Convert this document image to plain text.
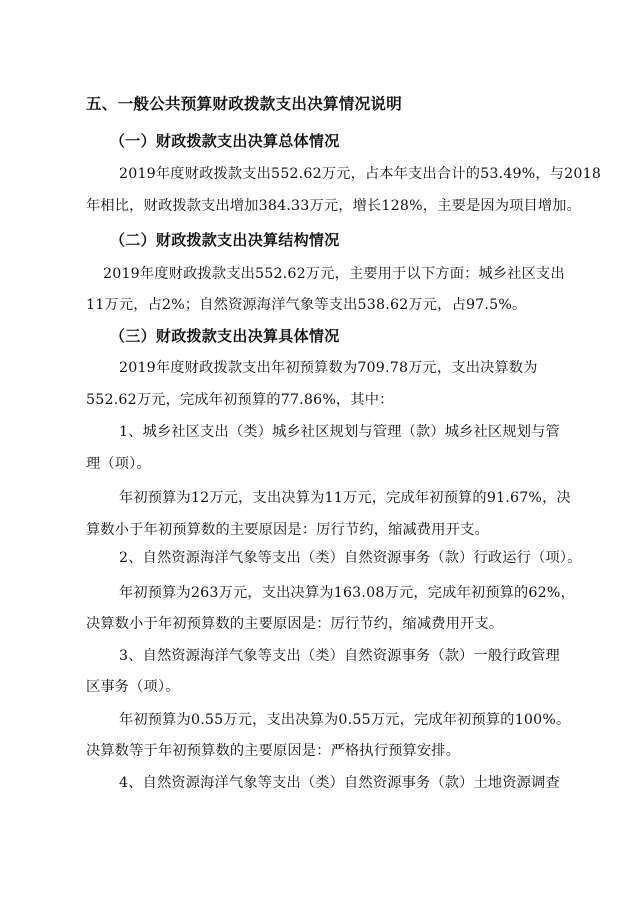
五、一般公共预算财政拨款支出决算情况说明
（一）财政拨款支出决算总体情况
2019年度财政拨款支出552.62万元，占本年支出合计的53.49%，与2018
年相比，财政拨款支出增加384.33万元，增长128%，主要是因为项目增加。
（二）财政拨款支出决算结构情况
2019年度财政拨款支出552.62万元，主要用于以下方面：城乡社区支出
11万元，占2%；自然资源海洋气象等支出538.62万元，占97.5%。
（三）财政拨款支出决算具体情况
2019年度财政拨款支出年初预算数为709.78万元，支出决算数为
552.62万元，完成年初预算的77.86%，其中：
1、城乡社区支出（类）城乡社区规划与管理（款）城乡社区规划与管
理（项）。
年初预算为12万元，支出决算为11万元，完成年初预算的91.67%，决
算数小于年初预算数的主要原因是：厉行节约，缩减费用开支。
2、自然资源海洋气象等支出（类）自然资源事务（款）行政运行（项）。
年初预算为263万元，支出决算为163.08万元，完成年初预算的62%，
决算数小于年初预算数的主要原因是：厉行节约，缩减费用开支。
3、自然资源海洋气象等支出（类）自然资源事务（款）一般行政管理
区事务（项）。
年初预算为0.55万元，支出决算为0.55万元，完成年初预算的100%。
决算数等于年初预算数的主要原因是：严格执行预算安排。
4、自然资源海洋气象等支出（类）自然资源事务（款）土地资源调查
